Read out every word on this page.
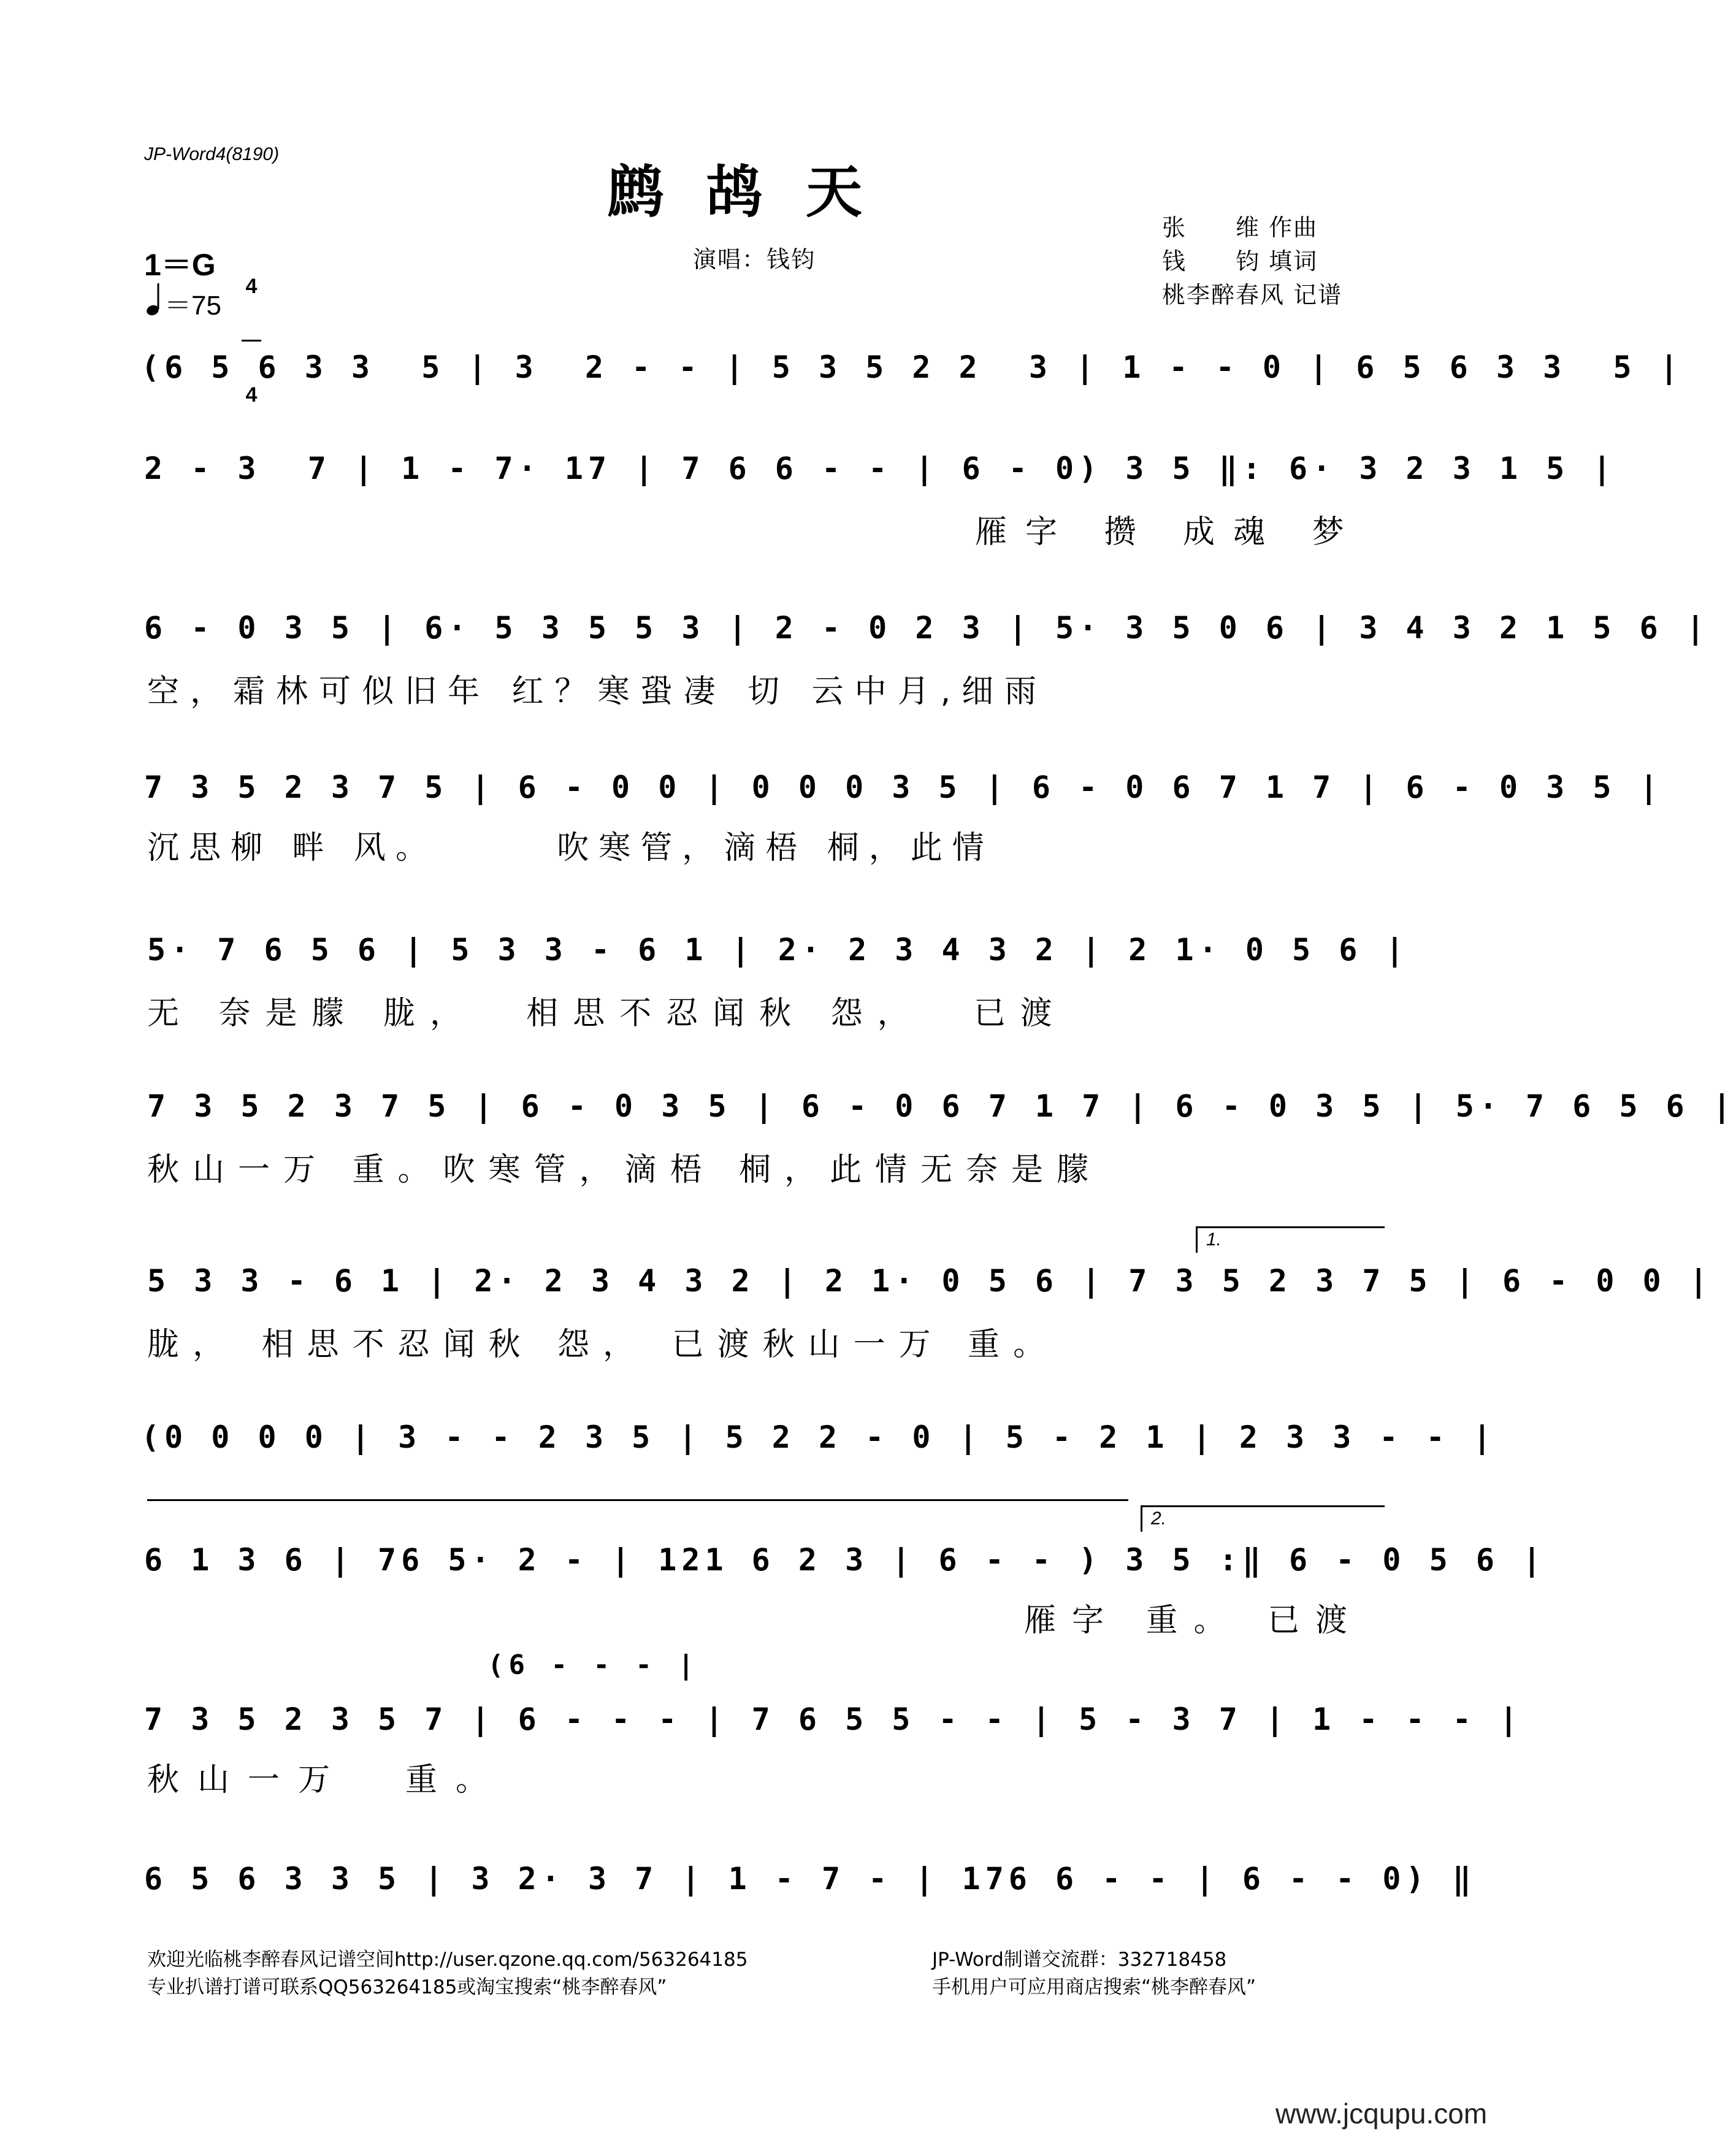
JP-Word4(8190)
鹧鸪天
演唱：钱钧
张　　维 作曲
钱　　钧 填词
桃李醉春风 记谱
1＝G

4

4

＝75
(6 5 6 3 3  5 | 3  2 - - | 5 3 5 2 2  3 | 1 - - 0 | 6 5 6 3 3  5 |
2 - 3  7 | 1 - 7· 17 | 7 6 6 - - | 6 - 0) 3 5 ‖: 6· 3 2 3 1 5 |
雁字 攒 成魂 梦
6 - 0 3 5 | 6· 5 3 5 5 3 | 2 - 0 2 3 | 5· 3 5 0 6 | 3 4 3 2 1 5 6 |
空，霜林可似旧年 红？寒蛩凄 切 云中月,细雨
7 3 5 2 3 7 5 | 6 - 0 0 | 0 0 0 3 5 | 6 - 0 6 7 1 7 | 6 - 0 3 5 |
沉思柳 畔 风。      吹寒管，滴梧 桐，此情
5· 7 6 5 6 | 5 3 3 - 6 1 | 2· 2 3 4 3 2 | 2 1· 0 5 6 |
无 奈是朦 胧，  相思不忍闻秋 怨，  已渡
7 3 5 2 3 7 5 | 6 - 0 3 5 | 6 - 0 6 7 1 7 | 6 - 0 3 5 | 5· 7 6 5 6 |
秋山一万 重。吹寒管，滴梧 桐，此情无奈是朦
1.
5 3 3 - 6 1 | 2· 2 3 4 3 2 | 2 1· 0 5 6 | 7 3 5 2 3 7 5 | 6 - 0 0 |
胧， 相思不忍闻秋 怨， 已渡秋山一万 重。
(0 0 0 0 | 3 - - 2 3 5 | 5 2 2 - 0 | 5 - 2 1 | 2 3 3 - - |
2.
6 1 3 6 | 76 5· 2 - | 121 6 2 3 | 6 - - ) 3 5 :‖ 6 - 0 5 6 |
雁字 重。 已渡
(6 - - - |
7 3 5 2 3 5 7 | 6 - - - | 7 6 5 5 - - | 5 - 3 7 | 1 - - - |
秋山一万  重。
6 5 6 3 3 5 | 3 2· 3 7 | 1 - 7 - | 176 6 - - | 6 - - 0) ‖
欢迎光临桃李醉春风记谱空间http://user.qzone.qq.com/563264185	JP-Word制谱交流群：332718458
专业扒谱打谱可联系QQ563264185或淘宝搜索“桃李醉春风”	手机用户可应用商店搜索“桃李醉春风”
www.jcqupu.com
